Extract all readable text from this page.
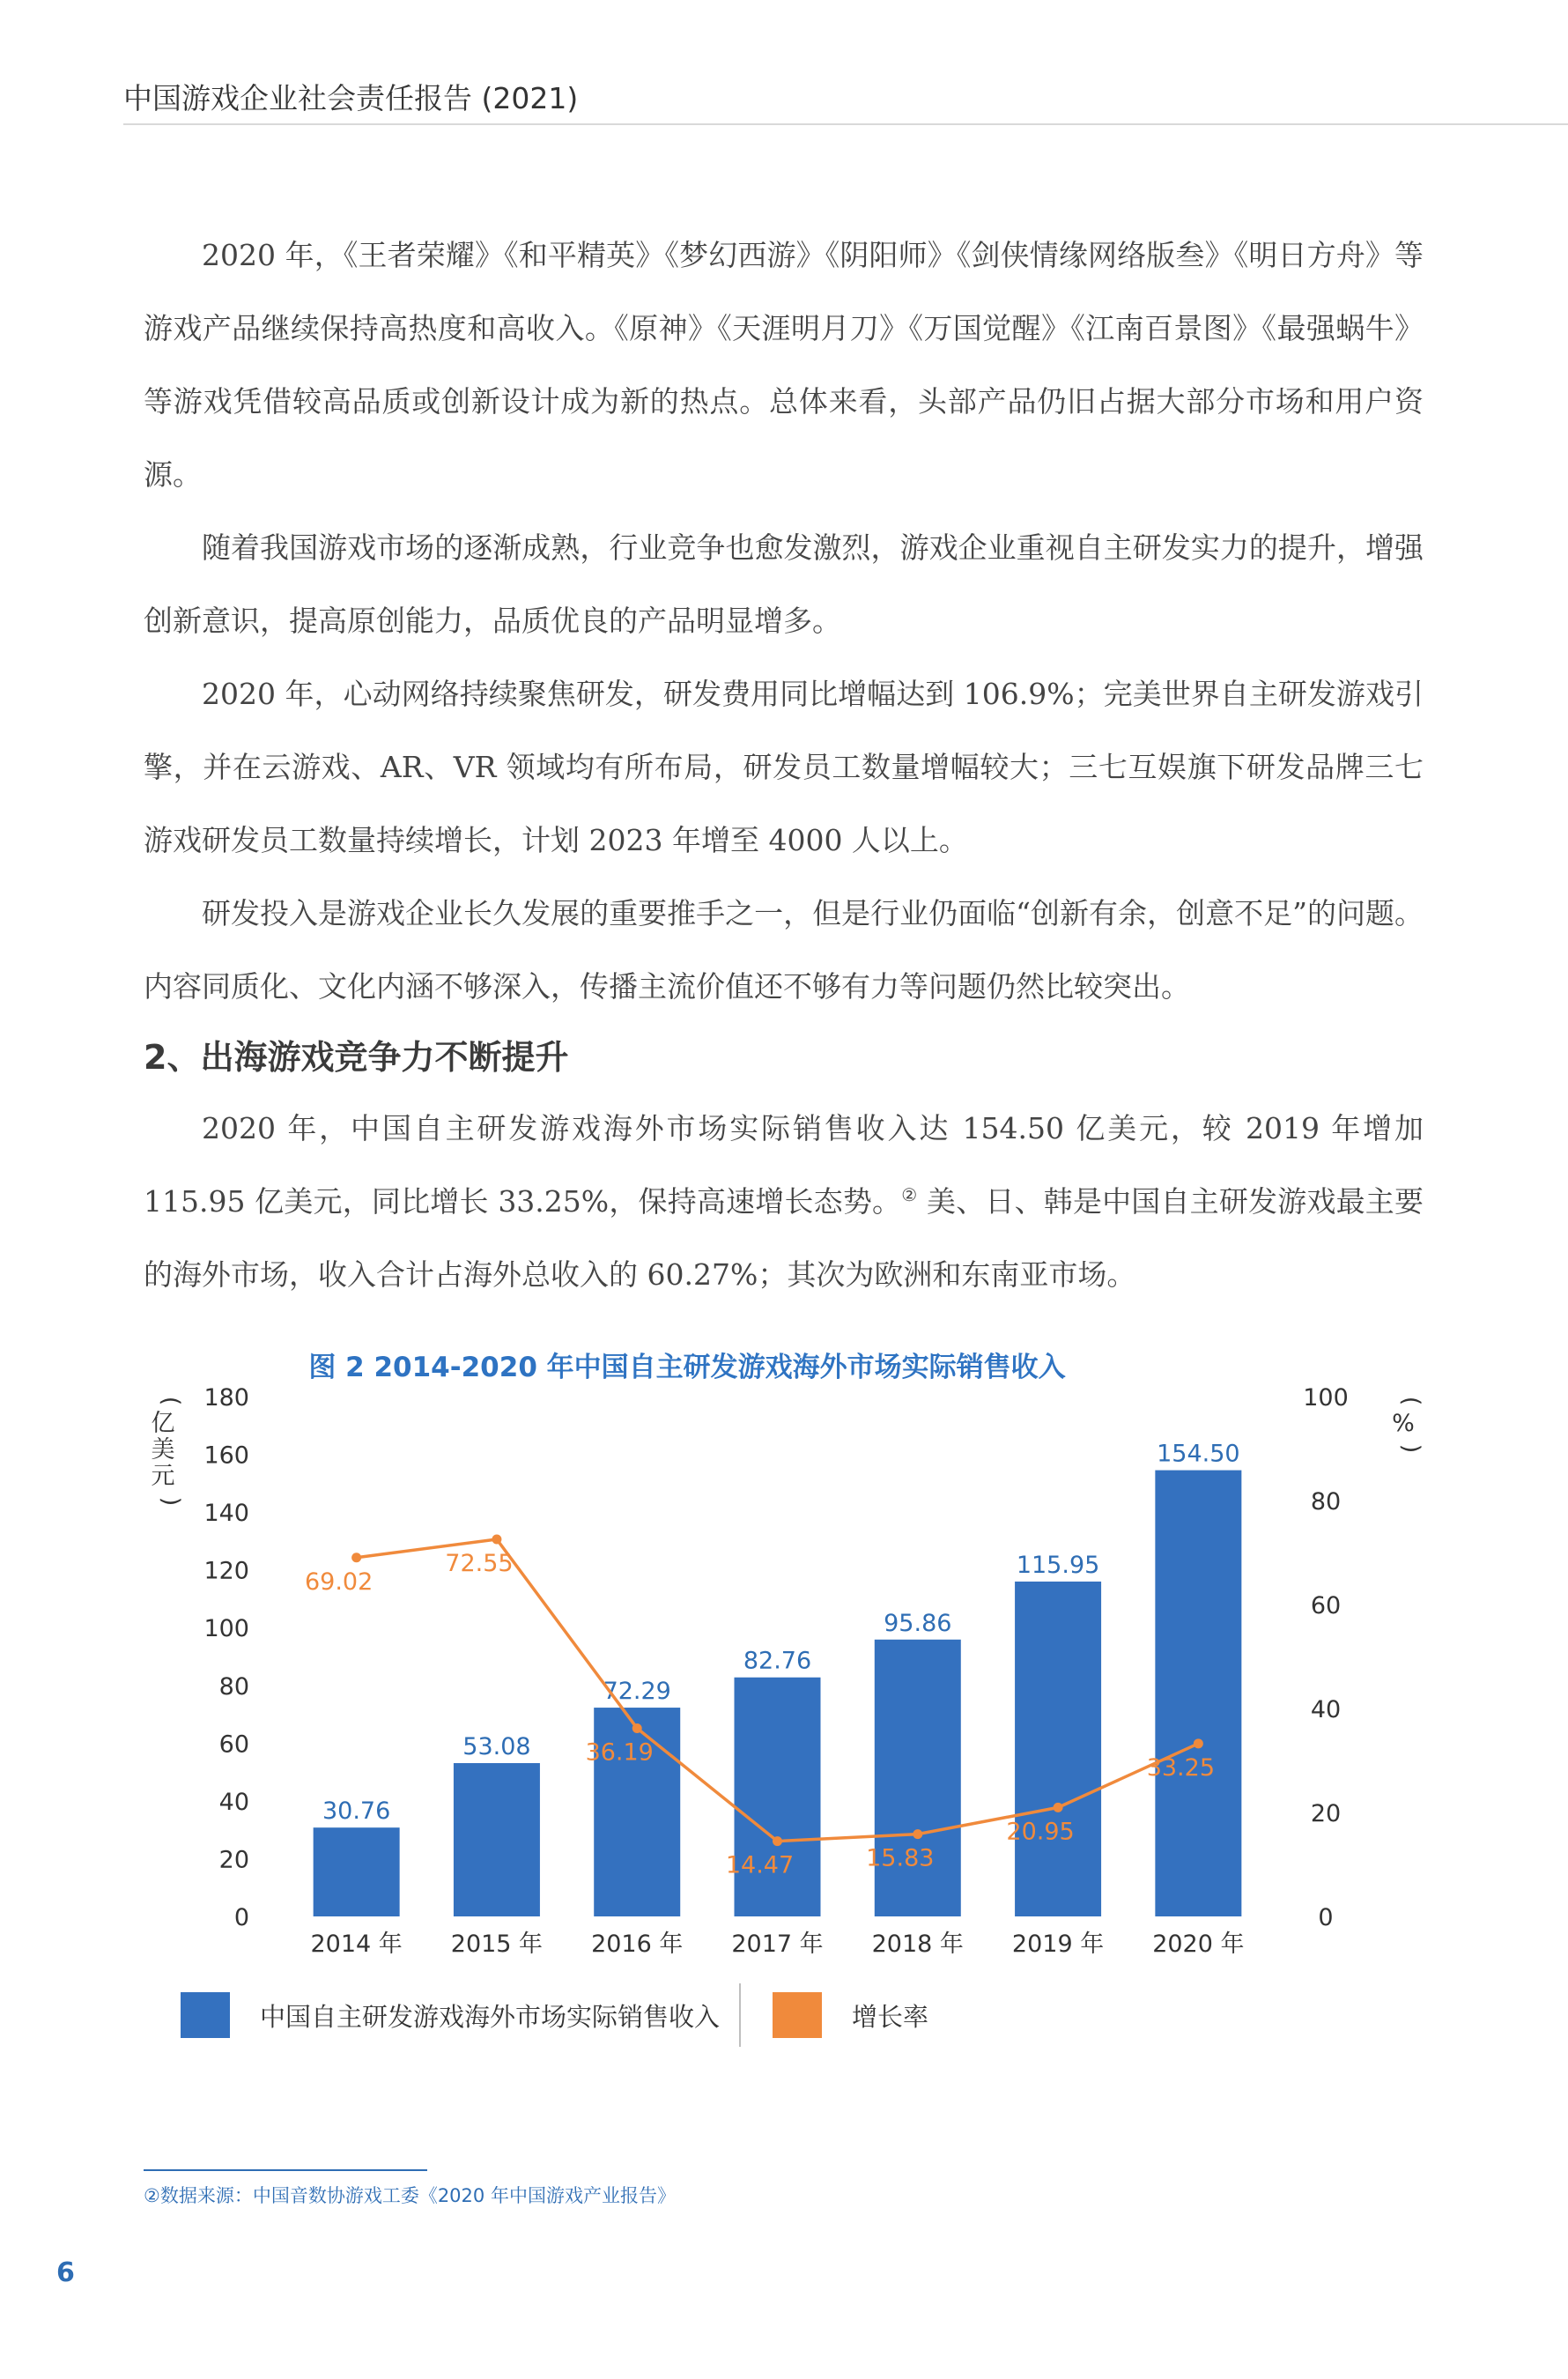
中国游戏企业社会责任报告 (2021)

2020 年，《王者荣耀》《和平精英》《梦幻西游》《阴阳师》《剑侠情缘网络版叁》《明日方舟》等游戏产品继续保持高热度和高收入。《原神》《天涯明月刀》《万国觉醒》《江南百景图》《最强蜗牛》等游戏凭借较高品质或创新设计成为新的热点。总体来看，头部产品仍旧占据大部分市场和用户资源。

随着我国游戏市场的逐渐成熟，行业竞争也愈发激烈，游戏企业重视自主研发实力的提升，增强创新意识，提高原创能力，品质优良的产品明显增多。

2020 年，心动网络持续聚焦研发，研发费用同比增幅达到 106.9%；完美世界自主研发游戏引擎，并在云游戏、AR、VR 领域均有所布局，研发员工数量增幅较大；三七互娱旗下研发品牌三七游戏研发员工数量持续增长，计划 2023 年增至 4000 人以上。

研发投入是游戏企业长久发展的重要推手之一，但是行业仍面临“创新有余，创意不足”的问题。内容同质化、文化内涵不够深入，传播主流价值还不够有力等问题仍然比较突出。

2、出海游戏竞争力不断提升

2020 年，中国自主研发游戏海外市场实际销售收入达 154.50 亿美元，较 2019 年增加 115.95 亿美元，同比增长 33.25%，保持高速增长态势。② 美、日、韩是中国自主研发游戏最主要的海外市场，收入合计占海外总收入的 60.27%；其次为欧洲和东南亚市场。

图 2 2014-2020 年中国自主研发游戏海外市场实际销售收入
0
20
40
60
80
100
120
140
160
180
0
20
40
60
80
100
(
亿
美
元
)
(
%
)
30.76
53.08
72.29
82.76
95.86
115.95
154.50
2014 年 2015 年 2016 年 2017 年 2018 年 2019 年 2020 年
69.02
72.55
36.19
14.47	15.83
20.95
33.25
中国自主研发游戏海外市场实际销售收入	增长率
②数据来源：中国音数协游戏工委《2020 年中国游戏产业报告》
6
